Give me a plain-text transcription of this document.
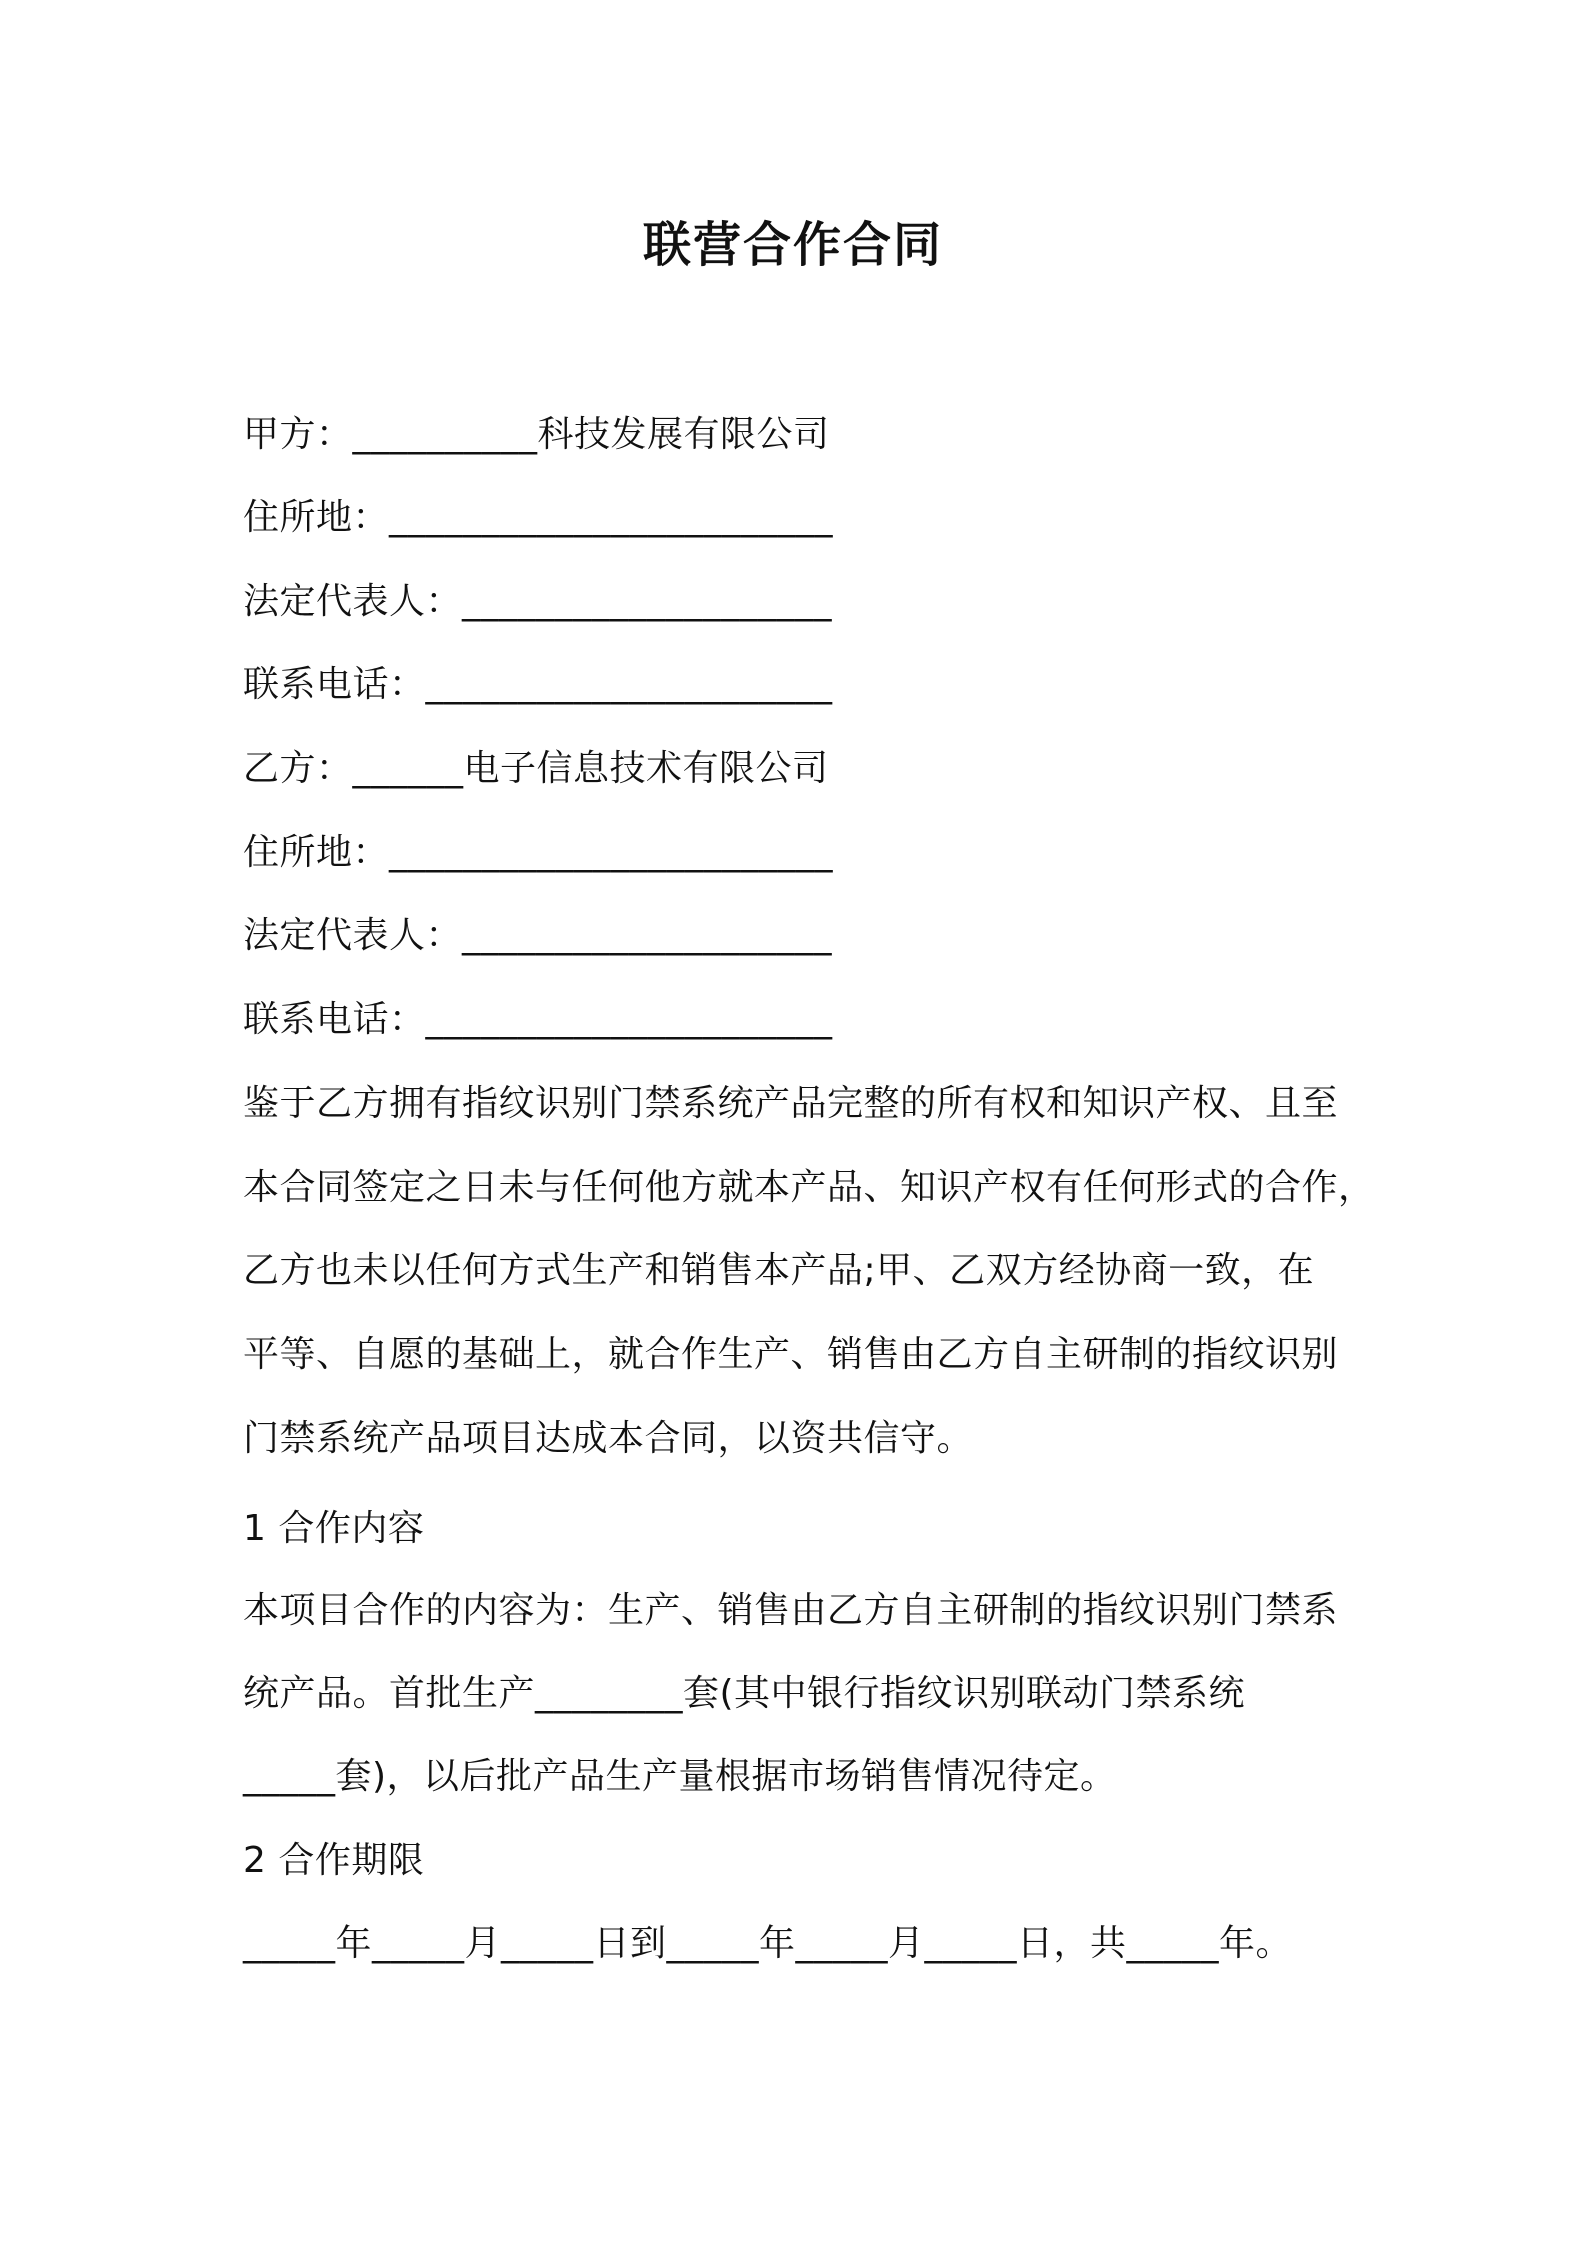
联营合作合同
甲方：__________科技发展有限公司
住所地：________________________
法定代表人：____________________
联系电话：______________________
乙方：______电子信息技术有限公司
住所地：________________________
法定代表人：____________________
联系电话：______________________
鉴于乙方拥有指纹识别门禁系统产品完整的所有权和知识产权、且至
本合同签定之日未与任何他方就本产品、知识产权有任何形式的合作，
乙方也未以任何方式生产和销售本产品;甲、乙双方经协商一致，在
平等、自愿的基础上，就合作生产、销售由乙方自主研制的指纹识别
门禁系统产品项目达成本合同，以资共信守。
1 合作内容
本项目合作的内容为：生产、销售由乙方自主研制的指纹识别门禁系
统产品。首批生产________套(其中银行指纹识别联动门禁系统
_____套)，以后批产品生产量根据市场销售情况待定。
2 合作期限
_____年_____月_____日到_____年_____月_____日，共_____年。
